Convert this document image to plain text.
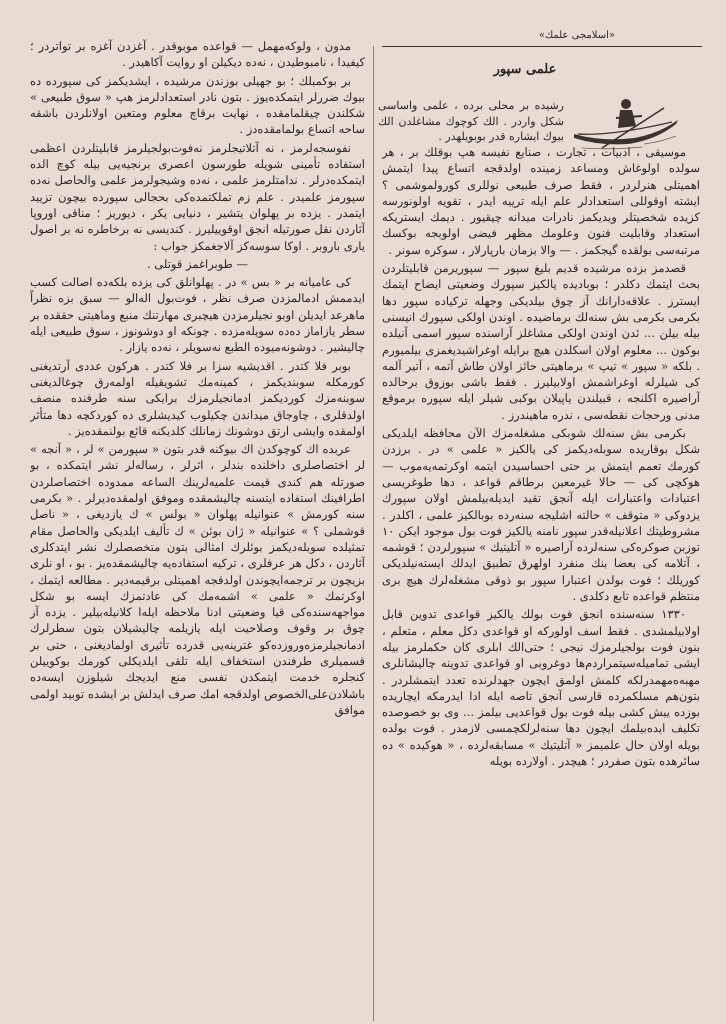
«اسلامجی علمك»
علمی سپور

رشیده بر محلی برده ، علمی واساسی شكل واردر . الك كوچوك مشاغلدن الك بیوك ایشاره قدر بوبویلهدر .

موسیقی ، ادبیات ، تجارت ، صنایع نفیسه هپ بوقلك بر ، هر سولده اولوغاش ومساعد زمینده اولدقجه اتساع پیدا ایتمش اهمیتلی هنرلردر ، فقط صرف طبیعی نوللری كورولموشمی ؟ ایشته اوقوللی استعدادلر علم ایله ترپیه ایدر ، تقویه اولونورسه كزیده شخصیتلر ویدیكمز نادرات میدانه چیقیور . دیمك ایستریكه استعداد وقابلیت فنون وعلومك مظهر فیضی اولوبجه بوكسك مرتبه‌سی بولقده گیجكمز . — والا بزمان بارپارلار ، سوكره سونر .

قصدمز بزده مرشیده قدیم بلیغ سپور — سپوریرمن قابلیتلردن بحث ایتمك دكلدر ؛ بوبادیده یالكیز سپورك وضعیتی ایضاح ایتمك ایسترز . علاقه‌دارانك آز چوق بیلدیكی وجهله تركیاده سپور دها بكرمی بكرمی بش سنه‌لك برماضیده . اوندن اولكی سپورك انیسنی بیله بیلن ... ئدن اوندن اولكی مشاغلز آراسنده سپور اسمی آنیلده بوكون ... معلوم اولان اسكلدن هیچ برایله اوغراشیدیغمزی بیلمیورم . بلكه « سپور » تیپ » برماهیتی حائز اولان طاش آتمه ، آتیر آلمه كی شیلرله اوغراشمش اولابیلیرز . فقط باشی بوزوق برحالده آراصیره اكلنجه ، قبیلندن یاپیلان بوكبی شیلر ایله سپوره برموقع مدنی ورحجات نقطه‌سی ، ندره ماهیندرز .

بكرمی بش سنه‌لك شوبكی مشغله‌مزك الآن محافظه ایلدیكی شكل بوقاریده سوبله‌دیكمز كی یالكیز « علمی » در . برزدن كورمك تعمم ایتمش بر حتی احساسیدن ایتمه اوكرتمه‌یه‌موب — هوكچی كی — حالا غیرمعین برطاقم قواعد ، دها طوغریسی اعتیادات واعتبارات ایله آنجق تقید ایدیله‌بیلمش اولان سپورك یزدوكی « متوقف » حالته اشلیجه سنه‌رده بوبالكیز علمی ، اكلدر . مشروطیتك اعلانیله‌قدر سپور نامنه یالكیز فوت بول موجود ایكن ۱۰ توزبن صوكره‌كی سنه‌لرده آراصیره « آتلیتیك » سپورلردن ؛ قوشمه ، آتلامه كی بعضا بنك منفرد اولهرق تطبیق ایدلك ایسته‌نیلدیكی كوریلك ؛ فوت بولدن اعتبارا سپور بو ذوقی مشغله‌لرك هیچ بری منتظم قواعده تابع دكلدی .

۱۳۳۰ سنه‌سنده انجق فوت بولك یالكیز قواعدی تدوین قابل اولابیلمشدی . فقط اسف اولوركه او قواعدی دكل معلم ، متعلم ، بنون فوت بولجیلرمزك نیجی ؛ حتی‌الك ابلری كان حكملرمز بیله ایشی تمامیله‌سیتمراردم‌ها دوغروبی او قواعدی تدوینه چالیشانلری مهبه‌ه‌مهمدرلكه كلمش اولمق ایچون جهدلرنده تعدد ایتمشلردر . بتون‌هم مسلكمرده قارسی آنجق تاصه ایله ادا ایدرمكه ایچاریده بوزده ییش كشی بیله فوت بول قواعدیی بیلمز ... وی بو خصوصده تكلیف ایده‌بیلمك ایچون دها سنه‌لرلكچمسی لازمدر . فوت بولده بویله اولان حال علمیمز « آتلیتیك » مسابقه‌لرده ، « هوكیده » ده سائرهده بتون صفردر ؛ هیچدر . اولارده بویله

مدون ، ولوكه‌مهمل — قواعده موبوقدر . آغزدن آغزه بر تواتردر ؛ كیفیدا ، نامبوطیدن ، نه‌ده دیكیلن او روایت آكاهیدر .

بر بوكمبلك ؛ بو جهیلی بوزندن مرشیده ، ایشدیكمز كی سپورده ده بیوك ضررلر ایتمكده‌یوز . بتون نادر استعدادلرمز هپ « سوق طبیعی » شكلندن چیقلمامقده ، نهایت برقاچ معلوم ومتعین اولانلردن باشقه ساحه اتساع بولمامقده‌دز .

نفوسجه‌لرمز ، نه آتلاتیجلرمز نه‌فوت‌بولجیلرمز قابلیتلردن اعظمی استفاده تأمینی شویله طورسون اعصری برنجیه‌یی بیله كوچ الده ایتمكده‌درلر . ندامتلرمز علمی ، نه‌ده وشیجولرمز علمی والحاصل نه‌ده سپورمز علمیدر . علم زم تملكتمده‌كی بحجالی سپورده بیچون تزیید ایتمدر . یزده بر پهلوان یتشیر ، دنیایی یكر ، دیوریز ؛ مناقی اوروپا آثاردن نقل صورتیله انجق اوقوییلیرز . كندیسی نه برخاطره نه بر اصول یاری باروبر . اوكا سوسه‌كز آلاجغمكز جواب :

— طوبراغمز قوتلی .

كی عامیانه بر « بس » در . پهلوانلق كی یزده بلكه‌ده اصالت كسب ایدممش ادمالمزدن صرف نظر ، فوت‌بول اله‌الو — سبق بزه نظراً ماهرعد ایدیلن اوبو نجیلرمزدن هیچبری مهارتنك منبع وماهیتی حققده بر سطر یازاماز ده‌ده سویله‌مزده . چونكه او دوشونوز ، سوق طبیعی ایله چالیشیر . دوشونه‌میوده الطبع نه‌سویلر ، نه‌ده یازار .

بوبر فلا كتدر . اقدیشیه سزا بر فلا كتدر . هركون عددی آرتدیغنی كورمكله سوبندیكمز ، كمینه‌مك تشویقیله اولمه‌رق چوغالدیغنی سوبنه‌مزك كوردیكمز ادمانجیلرمزك برایكی سنه طرفنده منصف اولدقلری ، چاوجاق میداندن چكیلوب كیدیشلری ده كوردكچه دها متأثر اولمقده وایشی ارتق دوشونك زمانلك كلدیكنه قائع بولنمقده‌یز .

عربده اك كوچوكدن اك بیوكنه قدر بتون « سپورمن » لر ، « آنجه » لر اختصاصلری داخلنده بندلر ، اثرلر ، رساله‌لر نشر ایتمكده ، بو صورتله هم كندی قیمت علمیه‌لرینك الساعه ممدوده اختصاصلردن اطرافینك استفاده ایتسنه چالیشمقده وموفق اولمقده‌دیرلر . « بكرمی سنه كورمش » عنوانیله پهلوان « بولس » ك یازدیغی ، « ناصل قوشملی ؟ » عنوانیله « ژان بوئن » ك تألیف ایلدیكی والحاصل مقام تمثیلده سوبله‌دیكمز بوئلرك امثالی بتون متخصصلرك نشر ایتدكلری آثاردن ، دكل هر عرفلری ، تركیه استفاده‌یه چالیشمقده‌یز . بو ، او نلری بزیچون بر ترجمه‌ایچوندن اولدقجه اهمیتلی برقیمه‌دیر . مطالعه ایتمك ، اوكرتمك « علمی » اشمه‌مك كی عادتمزك ایسه بو شكل مواجهه‌سنده‌كی قیا وضعیتی ادنا ملاحظه ایله‌ا كلانیله‌بیلیر . یزده آز چوق بر وقوف وصلاحیت ایله یازیلمه چالیشیلان بتون سطرلرك ادمانجیلرمزه‌وروزده‌كو غترینه‌یی قدرده تأثیری اولمادیغنی ، حتی بر قسمیلری طرفندن استخفاف ایله تلقی ایلدیكلی كورمك بوكوییلن كنجلره خدمت ایتمكدن نفسی منع ایدیجك شیلوزن ایسه‌ده باشلادن‌علی‌الخصوص اولدقجه امك صرف ایدلش بر ایشده توبید اولمی موافق
